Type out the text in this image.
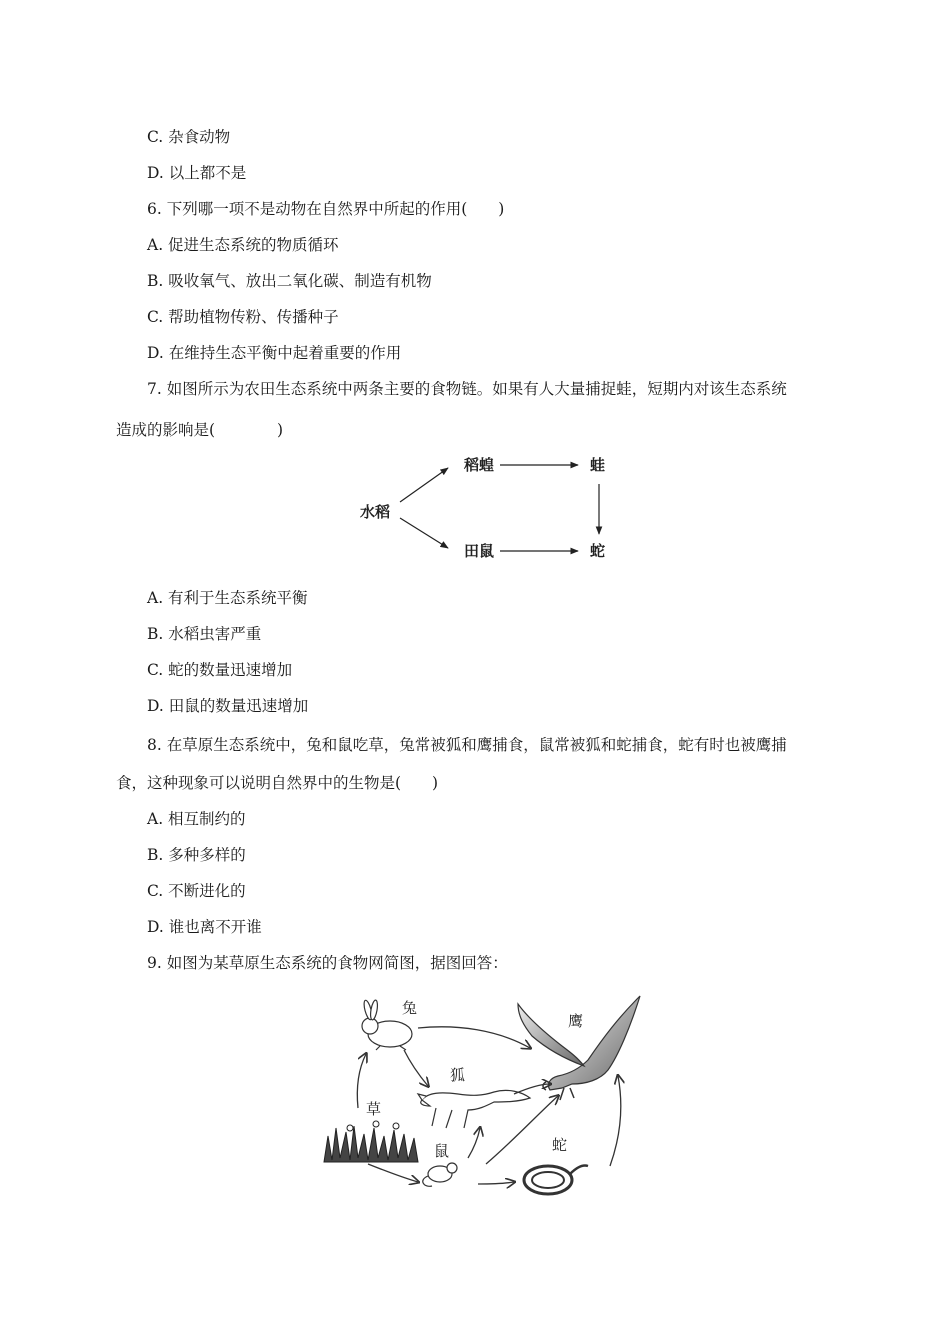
C. 杂食动物
D. 以上都不是
6. 下列哪一项不是动物在自然界中所起的作用(　　)
A. 促进生态系统的物质循环
B. 吸收氧气、放出二氧化碳、制造有机物
C. 帮助植物传粉、传播种子
D. 在维持生态平衡中起着重要的作用
7. 如图所示为农田生态系统中两条主要的食物链。如果有人大量捕捉蛙，短期内对该生态系统
造成的影响是(　　　　)
水稻
稻蝗	蛙
田鼠	蛇
A. 有利于生态系统平衡
B. 水稻虫害严重
C. 蛇的数量迅速增加
D. 田鼠的数量迅速增加
8. 在草原生态系统中，兔和鼠吃草，兔常被狐和鹰捕食，鼠常被狐和蛇捕食，蛇有时也被鹰捕
食，这种现象可以说明自然界中的生物是(　　)
A. 相互制约的
B. 多种多样的
C. 不断进化的
D. 谁也离不开谁
9. 如图为某草原生态系统的食物网简图，据图回答：
兔
鹰
狐
草
鼠	蛇
